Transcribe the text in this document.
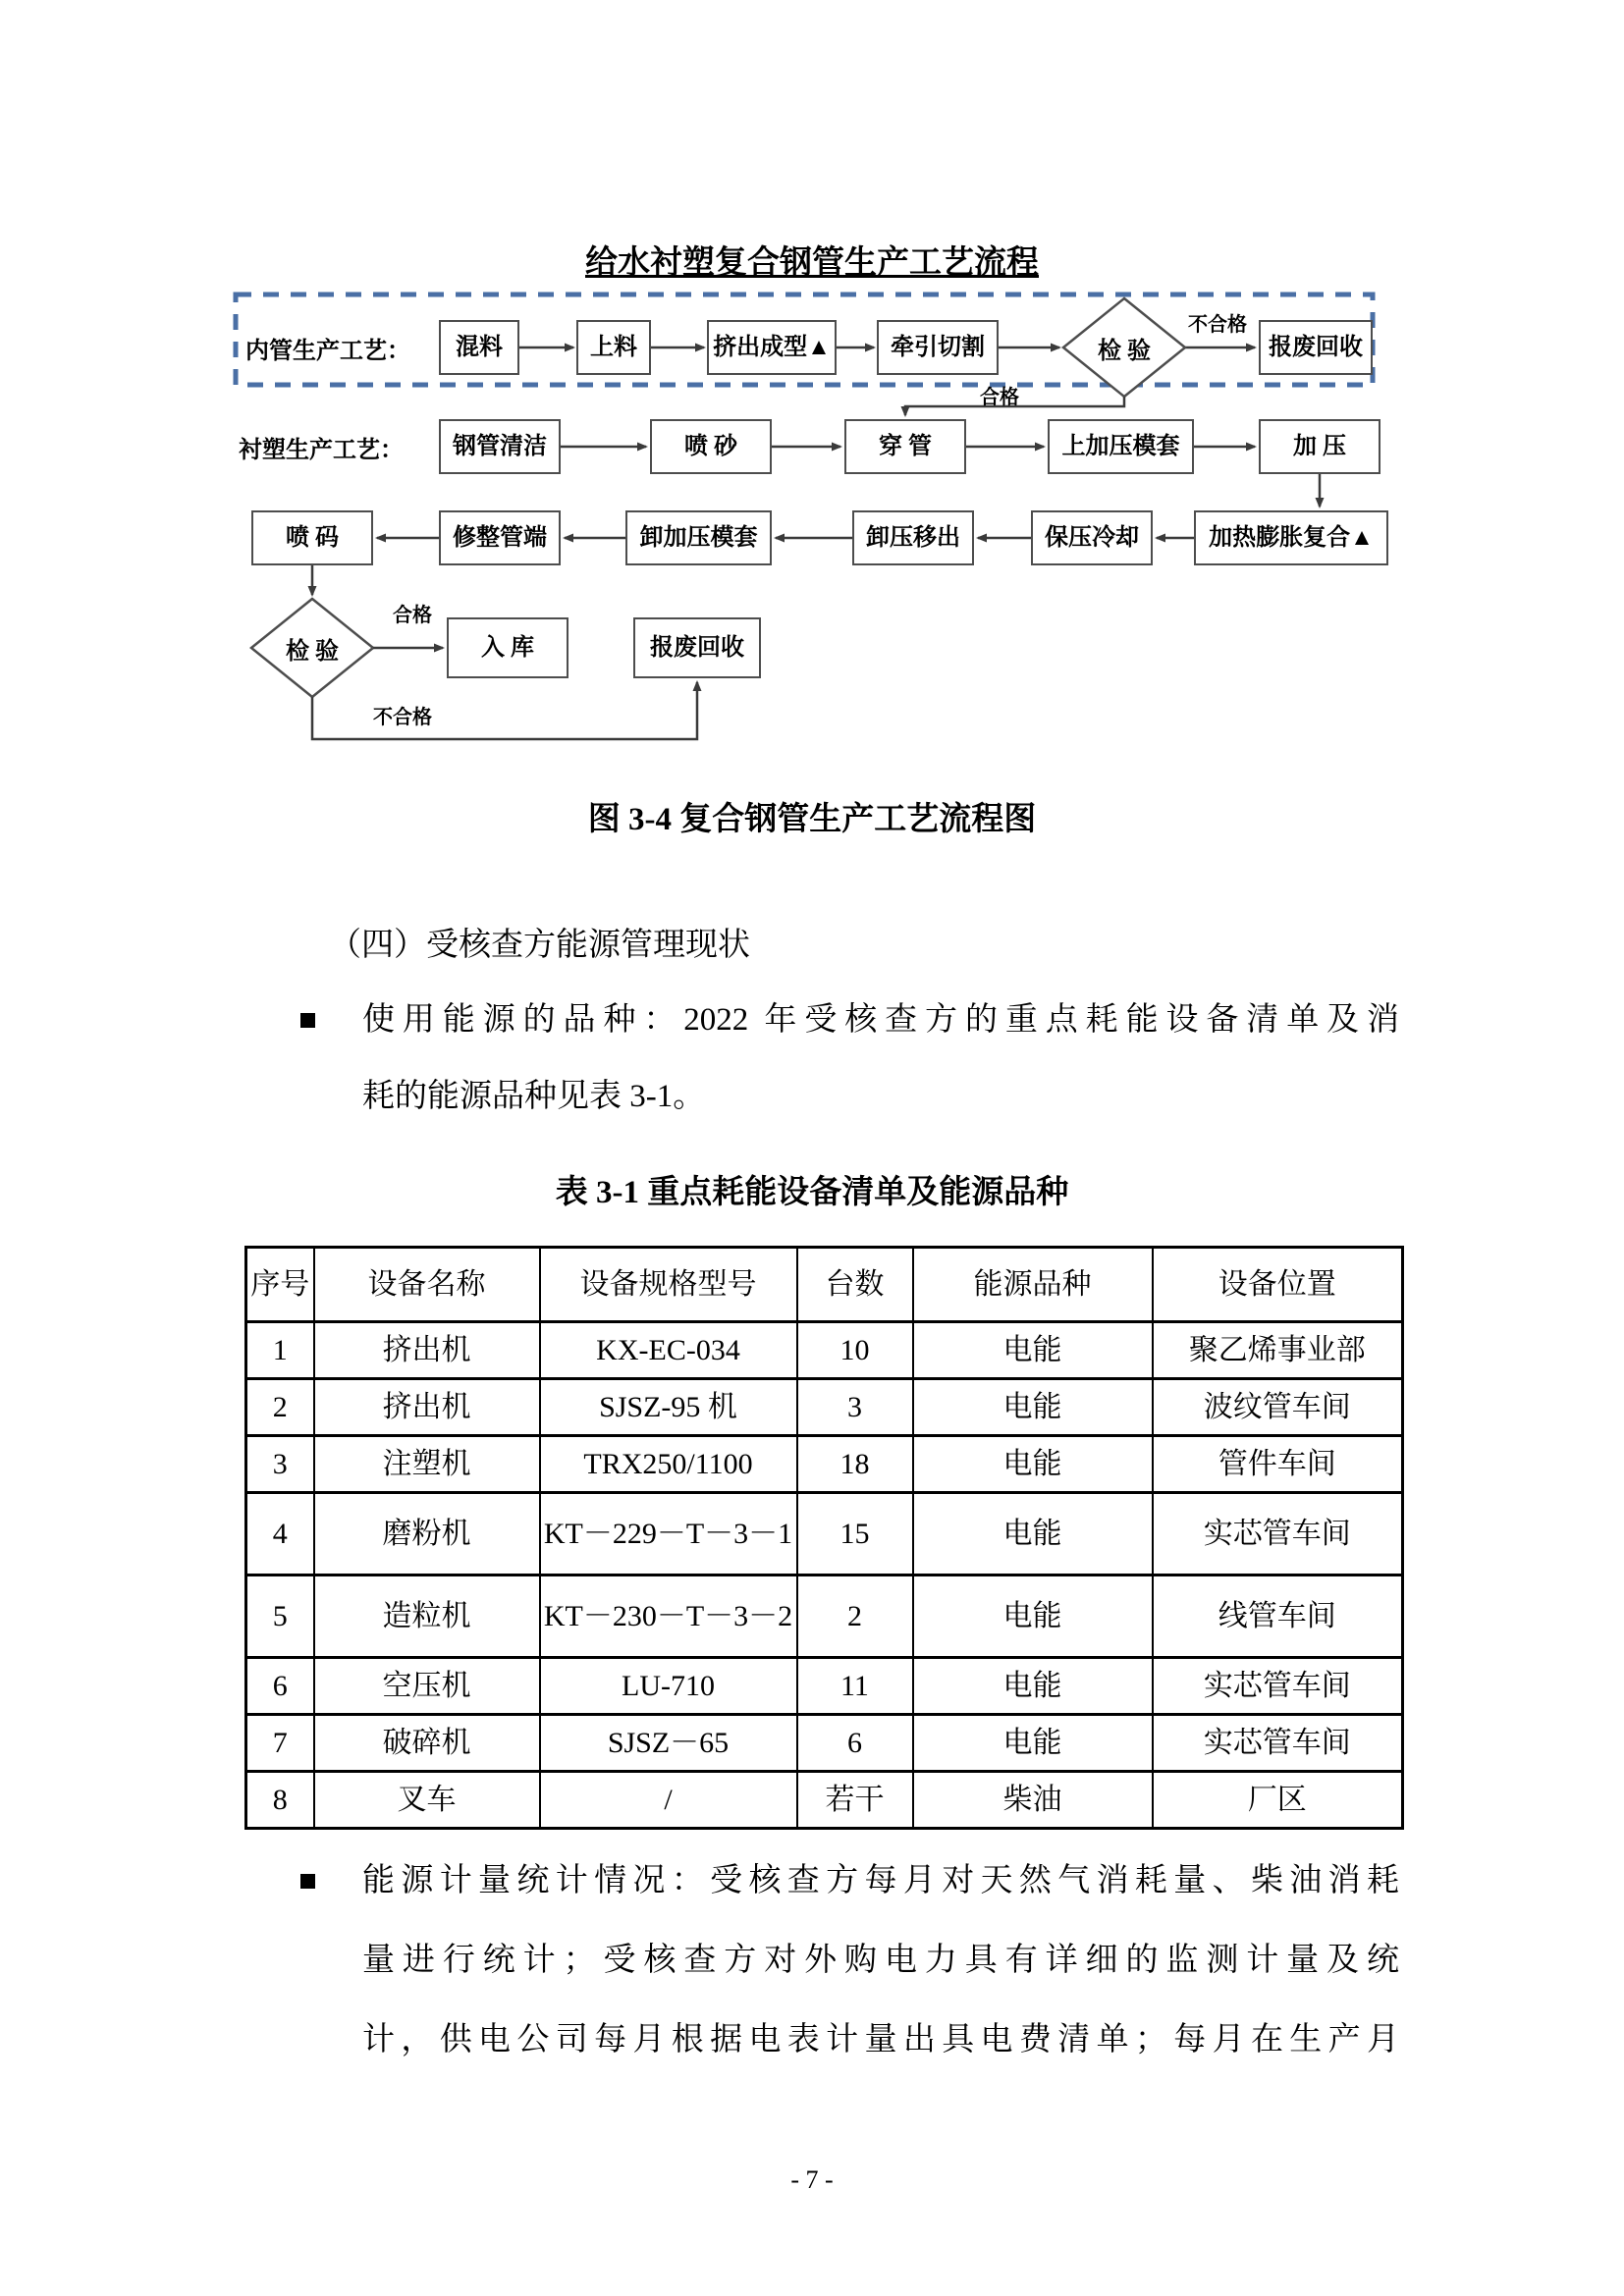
给水衬塑复合钢管生产工艺流程
内管生产工艺：
衬塑生产工艺：
混料	上料	挤出成型▲	牵引切割	检 验	报废回收
钢管清洁	喷 砂	穿 管	上加压模套	加 压
喷 码	修整管端	卸加压模套	卸压移出	保压冷却	加热膨胀复合▲
检 验	入 库	报废回收
不合格
合格
合格
不合格
图 3-4 复合钢管生产工艺流程图
（四）受核查方能源管理现状
使用能源的品种：2022 年受核查方的重点耗能设备清单及消
耗的能源品种见表 3-1。
表 3-1 重点耗能设备清单及能源品种
序号	设备名称	设备规格型号	台数	能源品种	设备位置
1	挤出机	KX-EC-034	10	电能	聚乙烯事业部
2	挤出机	SJSZ-95 机	3	电能	波纹管车间
3	注塑机	TRX250/1100	18	电能	管件车间
4	磨粉机	KT－229－T－3－1	15	电能	实芯管车间
5	造粒机	KT－230－T－3－2	2	电能	线管车间
6	空压机	LU-710	11	电能	实芯管车间
7	破碎机	SJSZ－65	6	电能	实芯管车间
8	叉车	/	若干	柴油	厂区
能源计量统计情况：受核查方每月对天然气消耗量、柴油消耗
量进行统计；受核查方对外购电力具有详细的监测计量及统
计，供电公司每月根据电表计量出具电费清单；每月在生产月
- 7 -
